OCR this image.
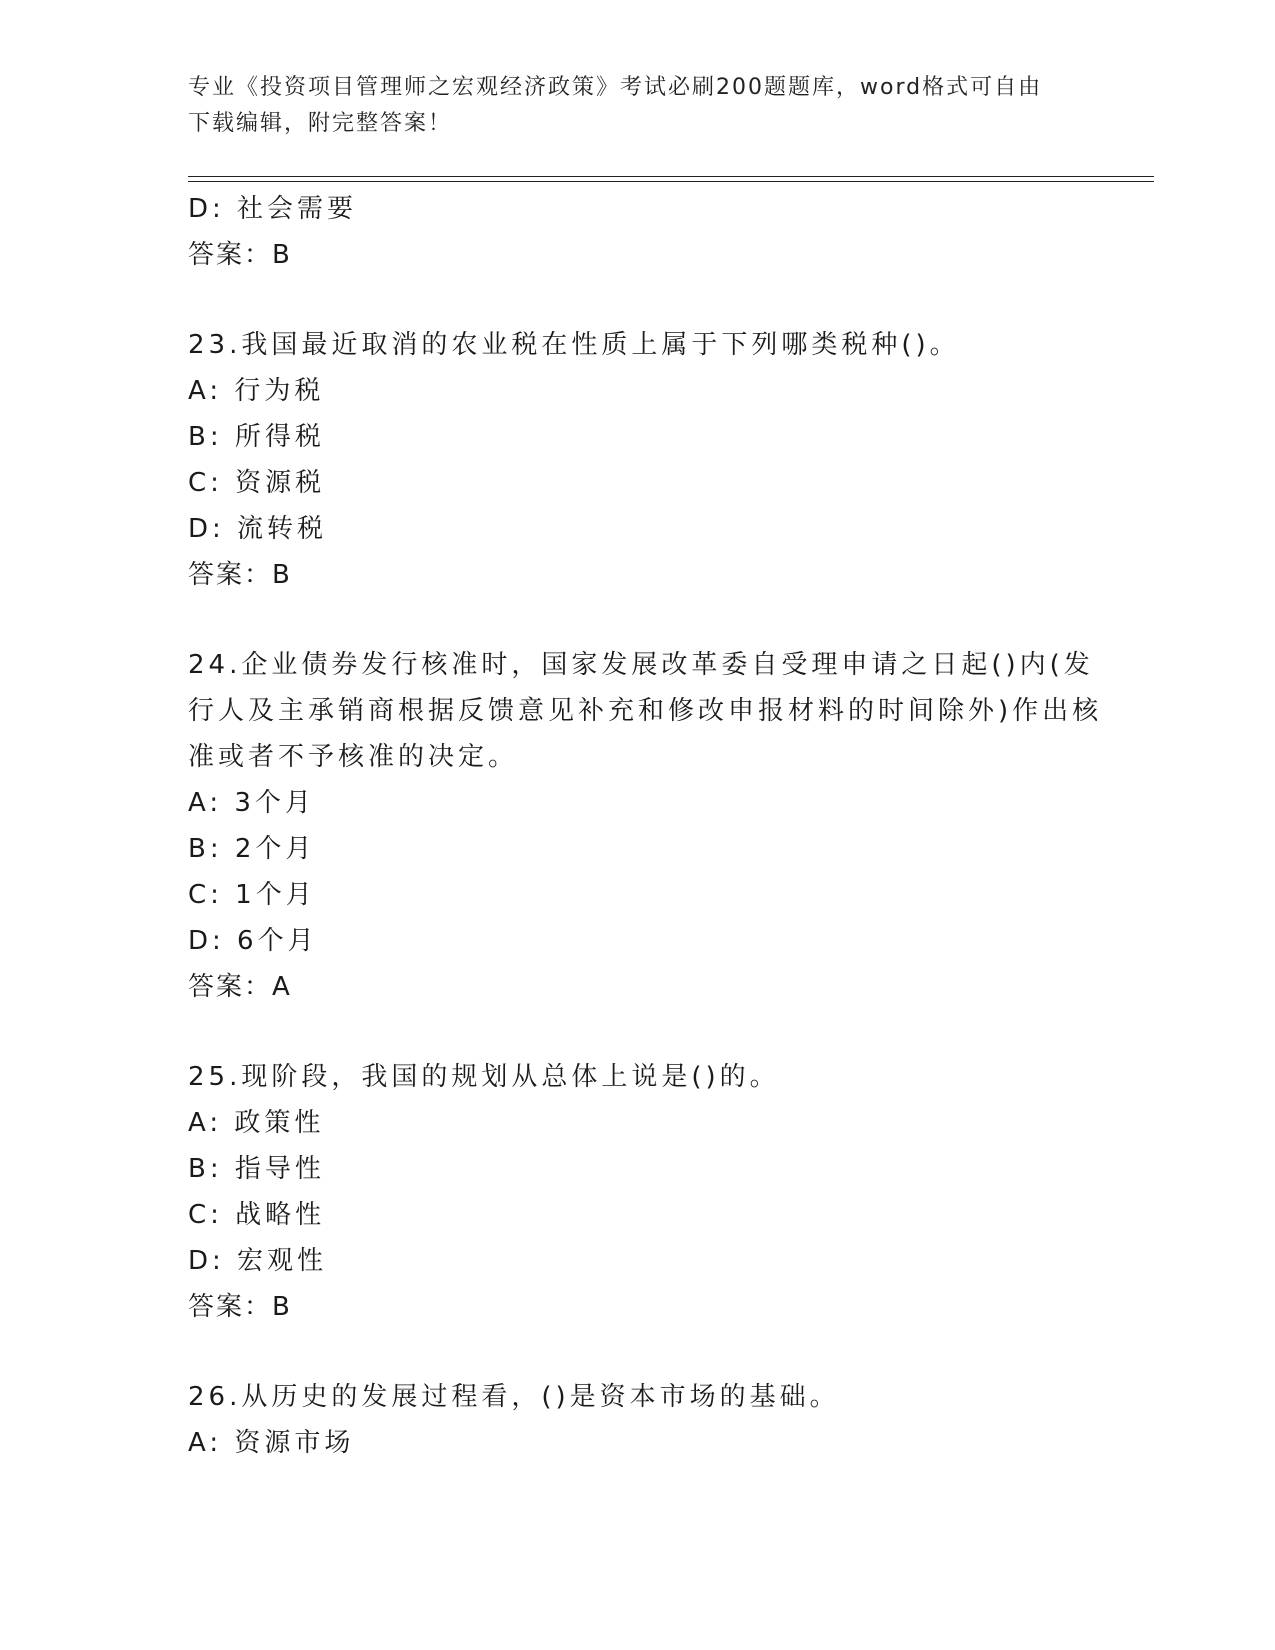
专业《投资项目管理师之宏观经济政策》考试必刷200题题库，word格式可自由
下载编辑，附完整答案！
D: 社会需要
答案：B
23.我国最近取消的农业税在性质上属于下列哪类税种()。
A: 行为税
B: 所得税
C: 资源税
D: 流转税
答案：B
24.企业债券发行核准时，国家发展改革委自受理申请之日起()内(发
行人及主承销商根据反馈意见补充和修改申报材料的时间除外)作出核
准或者不予核准的决定。
A: 3个月
B: 2个月
C: 1个月
D: 6个月
答案：A
25.现阶段，我国的规划从总体上说是()的。
A: 政策性
B: 指导性
C: 战略性
D: 宏观性
答案：B
26.从历史的发展过程看，()是资本市场的基础。
A: 资源市场
